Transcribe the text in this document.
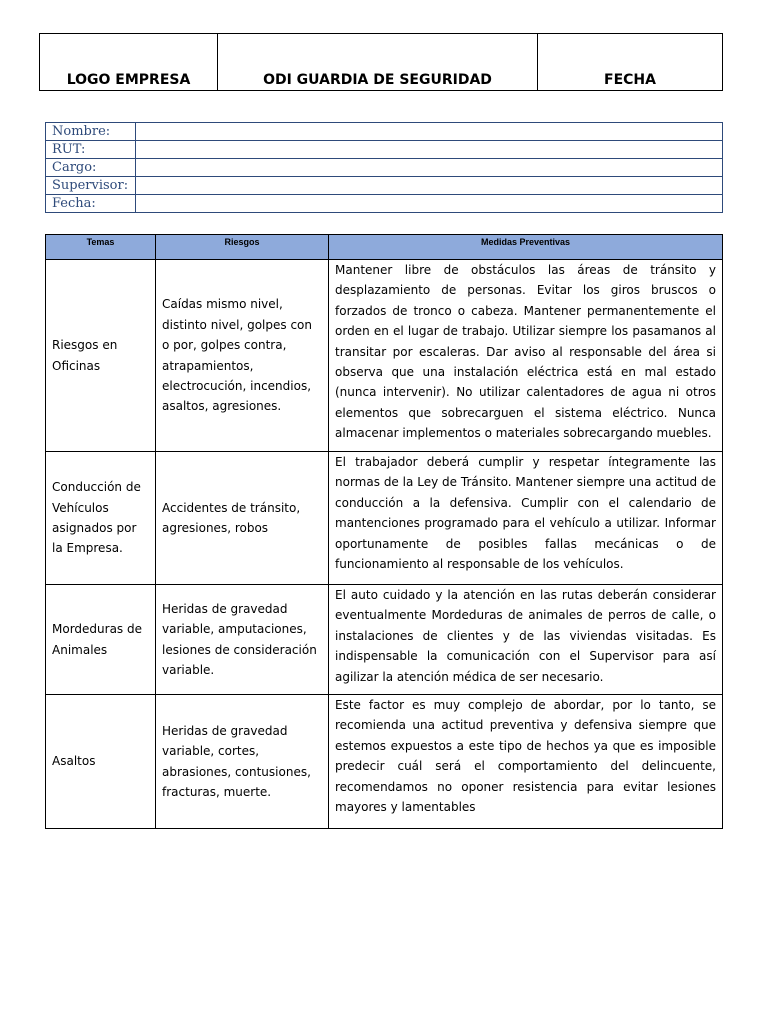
LOGO EMPRESA	ODI GUARDIA DE SEGURIDAD	FECHA
Nombre:	
RUT:	
Cargo:	
Supervisor:	
Fecha:	
Temas	Riesgos	Medidas Preventivas
Riesgos en Oficinas	Caídas mismo nivel, distinto nivel, golpes con o por, golpes contra, atrapamientos, electrocución, incendios, asaltos, agresiones.	Mantener libre de obstáculos las áreas de tránsito y desplazamiento de personas. Evitar los giros bruscos o forzados de tronco o cabeza. Mantener permanentemente el orden en el lugar de trabajo. Utilizar siempre los pasamanos al transitar por escaleras. Dar aviso al responsable del área si observa que una instalación eléctrica está en mal estado (nunca intervenir). No utilizar calentadores de agua ni otros elementos que sobrecarguen el sistema eléctrico. Nunca almacenar implementos o materiales sobrecargando muebles.
Conducción de Vehículos asignados por la Empresa.	Accidentes de tránsito, agresiones, robos	El trabajador deberá cumplir y respetar íntegramente las normas de la Ley de Tránsito. Mantener siempre una actitud de conducción a la defensiva. Cumplir con el calendario de mantenciones programado para el vehículo a utilizar. Informar oportunamente de posibles fallas mecánicas o de funcionamiento al responsable de los vehículos.
Mordeduras de Animales	Heridas de gravedad variable, amputaciones, lesiones de consideración variable.	El auto cuidado y la atención en las rutas deberán considerar eventualmente Mordeduras de animales de perros de calle, o instalaciones de clientes y de las viviendas visitadas. Es indispensable la comunicación con el Supervisor para así agilizar la atención médica de ser necesario.
Asaltos	Heridas de gravedad variable, cortes, abrasiones, contusiones, fracturas, muerte.	Este factor es muy complejo de abordar, por lo tanto, se recomienda una actitud preventiva y defensiva siempre que estemos expuestos a este tipo de hechos ya que es imposible predecir cuál será el comportamiento del delincuente, recomendamos no oponer resistencia para evitar lesiones mayores y lamentables
